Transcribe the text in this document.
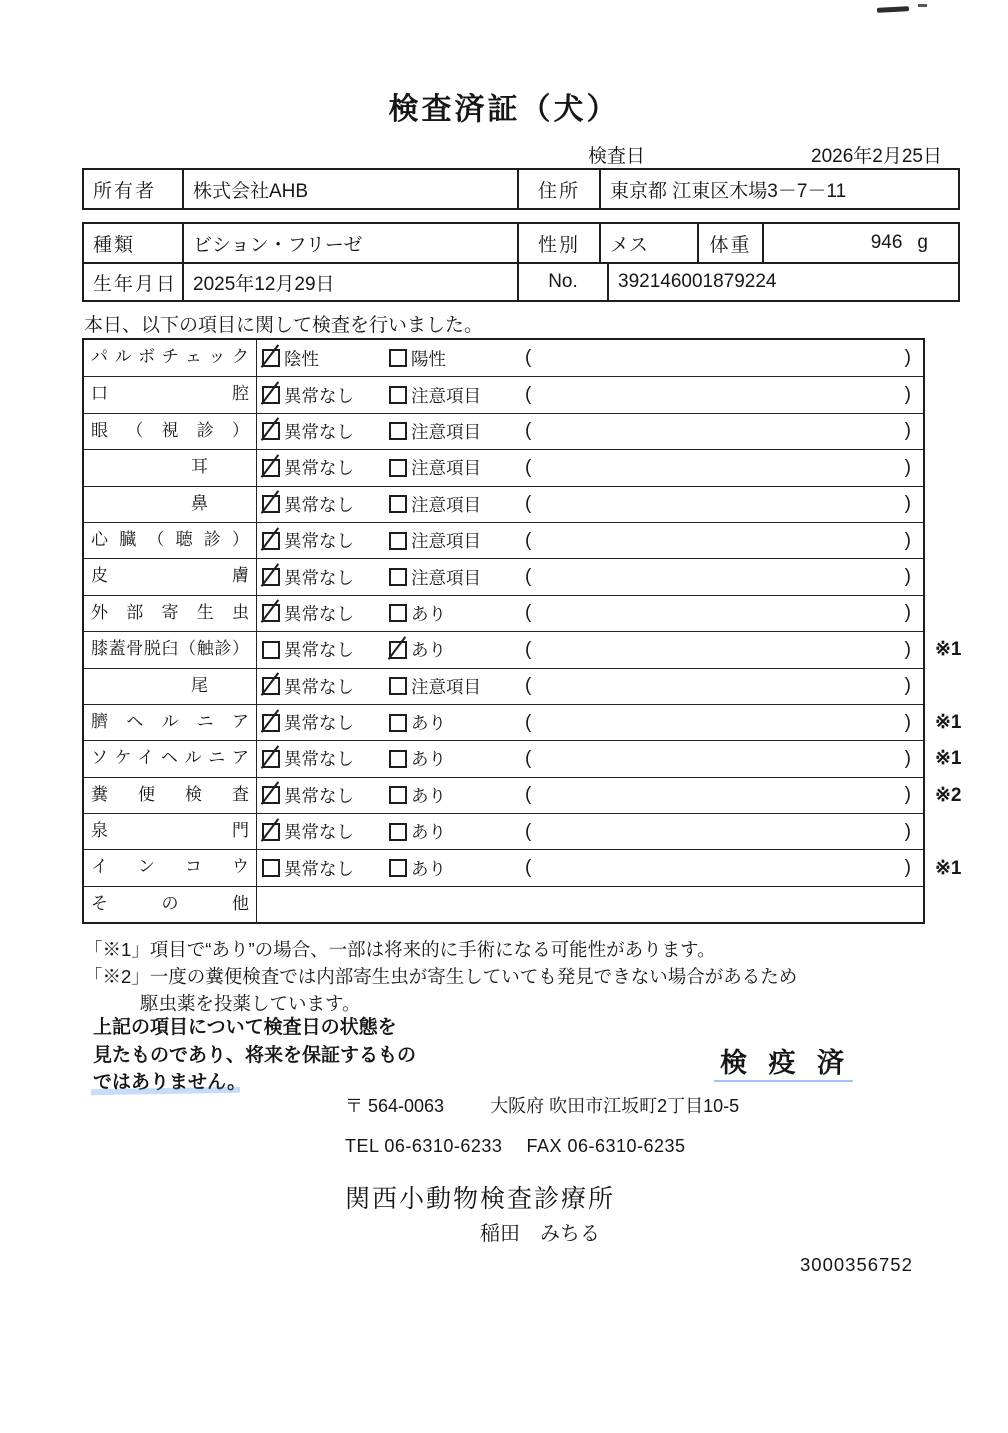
検査済証（犬）
検査日	2026年2月25日
所有者	株式会社AHB	住所	東京都 江東区木場3－7－11
種類	ビション・フリーゼ	性別	メス	体重	946 g
生年月日 2025年12月29日	No.	392146001879224
本日、以下の項目に関して検査を行いました。
パルボチェック	陰性	陽性	(	)
口腔	異常なし	注意項目 (	)
眼（視診）	異常なし	注意項目 (	)
耳	異常なし	注意項目 (	)
鼻	異常なし	注意項目 (	)
心臓（聴診）	異常なし	注意項目 (	)
皮膚	異常なし	注意項目 (	)
外部寄生虫	異常なし	あり	(	)
膝蓋骨脱臼（触診）	異常なし	あり	(	) ※1
尾	異常なし	注意項目 (	)
臍ヘルニア	異常なし	あり	(	) ※1
ソケイヘルニア	異常なし	あり	(	) ※1
糞便検査	異常なし	あり	(	) ※2
泉門	異常なし	あり	(	)
インコウ	異常なし	あり	(	) ※1
その他
「※1」項目で“あり”の場合、一部は将来的に手術になる可能性があります。
「※2」一度の糞便検査では内部寄生虫が寄生していても発見できない場合があるため
駆虫薬を投薬しています。
上記の項目について検査日の状態を
見たものであり、将来を保証するもの
ではありません。
検 疫 済
〒 564-0063	大阪府 吹田市江坂町2丁目10-5
TEL 06-6310-6233 FAX 06-6310-6235
関西小動物検査診療所
稲田　みちる
3000356752
